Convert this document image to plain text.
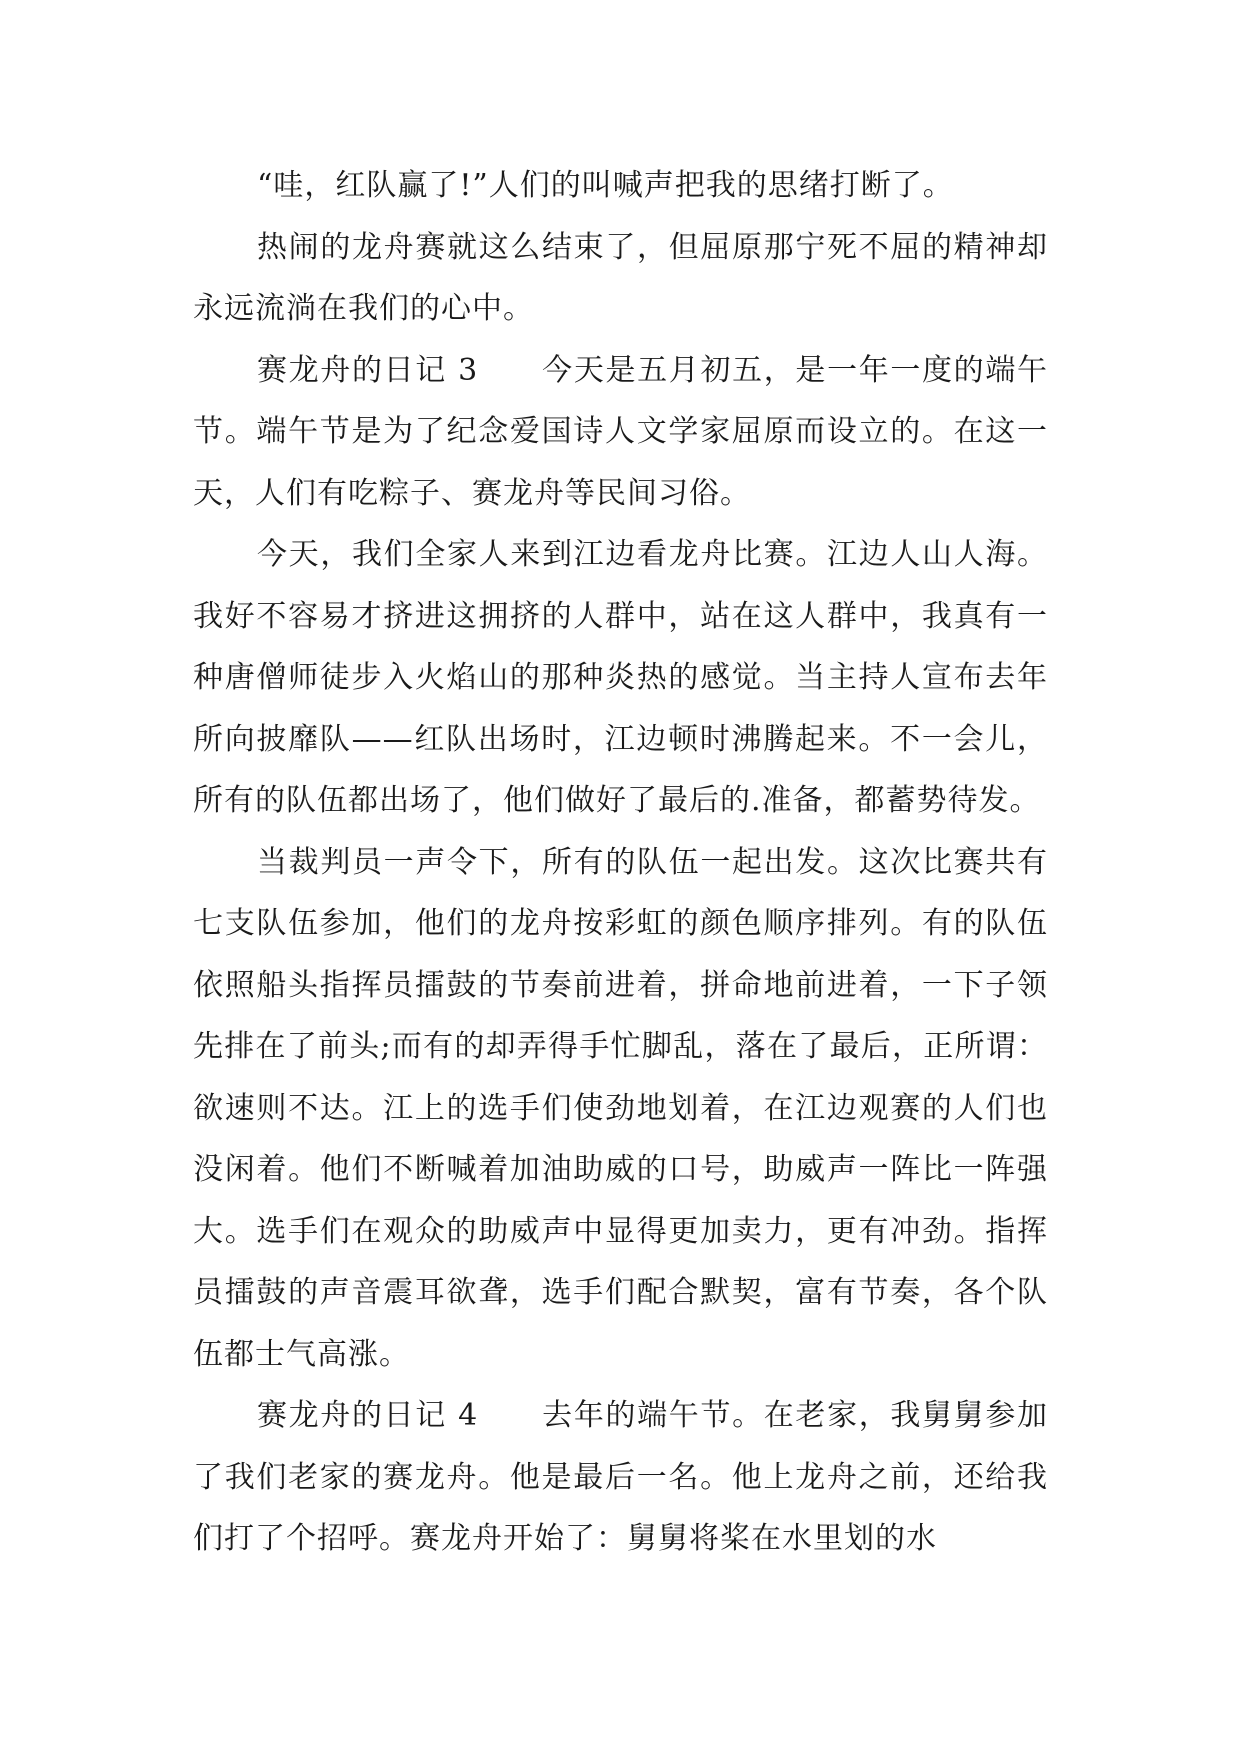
“哇，红队赢了!”人们的叫喊声把我的思绪打断了。

热闹的龙舟赛就这么结束了，但屈原那宁死不屈的精神却永远流淌在我们的心中。

赛龙舟的日记 3　　今天是五月初五，是一年一度的端午节。端午节是为了纪念爱国诗人文学家屈原而设立的。在这一天，人们有吃粽子、赛龙舟等民间习俗。

今天，我们全家人来到江边看龙舟比赛。江边人山人海。我好不容易才挤进这拥挤的人群中，站在这人群中，我真有一种唐僧师徒步入火焰山的那种炎热的感觉。当主持人宣布去年所向披靡队——红队出场时，江边顿时沸腾起来。不一会儿，所有的队伍都出场了，他们做好了最后的.准备，都蓄势待发。

当裁判员一声令下，所有的队伍一起出发。这次比赛共有七支队伍参加，他们的龙舟按彩虹的颜色顺序排列。有的队伍依照船头指挥员擂鼓的节奏前进着，拼命地前进着，一下子领先排在了前头;而有的却弄得手忙脚乱，落在了最后，正所谓：欲速则不达。江上的选手们使劲地划着，在江边观赛的人们也没闲着。他们不断喊着加油助威的口号，助威声一阵比一阵强大。选手们在观众的助威声中显得更加卖力，更有冲劲。指挥员擂鼓的声音震耳欲聋，选手们配合默契，富有节奏，各个队伍都士气高涨。

赛龙舟的日记 4　　去年的端午节。在老家，我舅舅参加了我们老家的赛龙舟。他是最后一名。他上龙舟之前，还给我们打了个招呼。赛龙舟开始了：舅舅将桨在水里划的水
